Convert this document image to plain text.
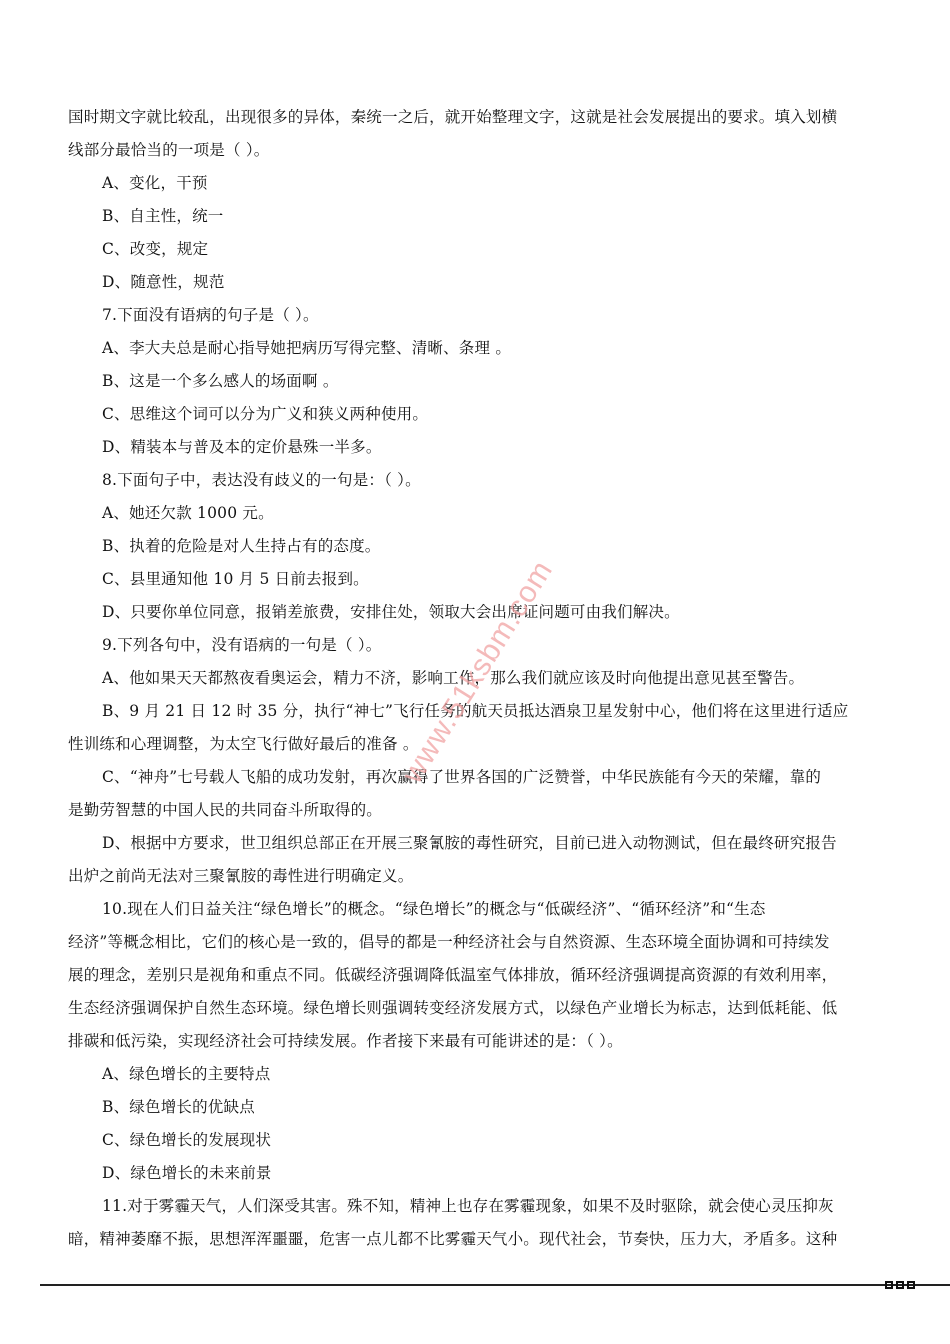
国时期文字就比较乱，出现很多的异体，秦统一之后，就开始整理文字，这就是社会发展提出的要求。填入划横
线部分最恰当的一项是（ ）。
A、变化，干预
B、自主性，统一
C、改变，规定
D、随意性，规范
7.下面没有语病的句子是（ ）。
A、李大夫总是耐心指导她把病历写得完整、清晰、条理 。
B、这是一个多么感人的场面啊 。
C、思维这个词可以分为广义和狭义两种使用。
D、精装本与普及本的定价悬殊一半多。
8.下面句子中，表达没有歧义的一句是：（ ）。
A、她还欠款 1000 元。
B、执着的危险是对人生持占有的态度。
C、县里通知他 10 月 5 日前去报到。
D、只要你单位同意，报销差旅费，安排住处，领取大会出席证问题可由我们解决。
9.下列各句中，没有语病的一句是（ ）。
A、他如果天天都熬夜看奥运会，精力不济，影响工作，那么我们就应该及时向他提出意见甚至警告。
B、9 月 21 日 12 时 35 分，执行“神七”飞行任务的航天员抵达酒泉卫星发射中心，他们将在这里进行适应
性训练和心理调整，为太空飞行做好最后的准备 。
C、“神舟”七号载人飞船的成功发射，再次赢得了世界各国的广泛赞誉，中华民族能有今天的荣耀，靠的
是勤劳智慧的中国人民的共同奋斗所取得的。
D、根据中方要求，世卫组织总部正在开展三聚氰胺的毒性研究，目前已进入动物测试，但在最终研究报告
出炉之前尚无法对三聚氰胺的毒性进行明确定义。
10.现在人们日益关注“绿色增长”的概念。“绿色增长”的概念与“低碳经济”、“循环经济”和“生态
经济”等概念相比，它们的核心是一致的，倡导的都是一种经济社会与自然资源、生态环境全面协调和可持续发
展的理念，差别只是视角和重点不同。低碳经济强调降低温室气体排放，循环经济强调提高资源的有效利用率，
生态经济强调保护自然生态环境。绿色增长则强调转变经济发展方式，以绿色产业增长为标志，达到低耗能、低
排碳和低污染，实现经济社会可持续发展。作者接下来最有可能讲述的是：（ ）。
A、绿色增长的主要特点
B、绿色增长的优缺点
C、绿色增长的发展现状
D、绿色增长的未来前景
11.对于雾霾天气，人们深受其害。殊不知，精神上也存在雾霾现象，如果不及时驱除，就会使心灵压抑灰
暗，精神萎靡不振，思想浑浑噩噩，危害一点儿都不比雾霾天气小。现代社会，节奏快，压力大，矛盾多。这种
www.51ksbm.com
